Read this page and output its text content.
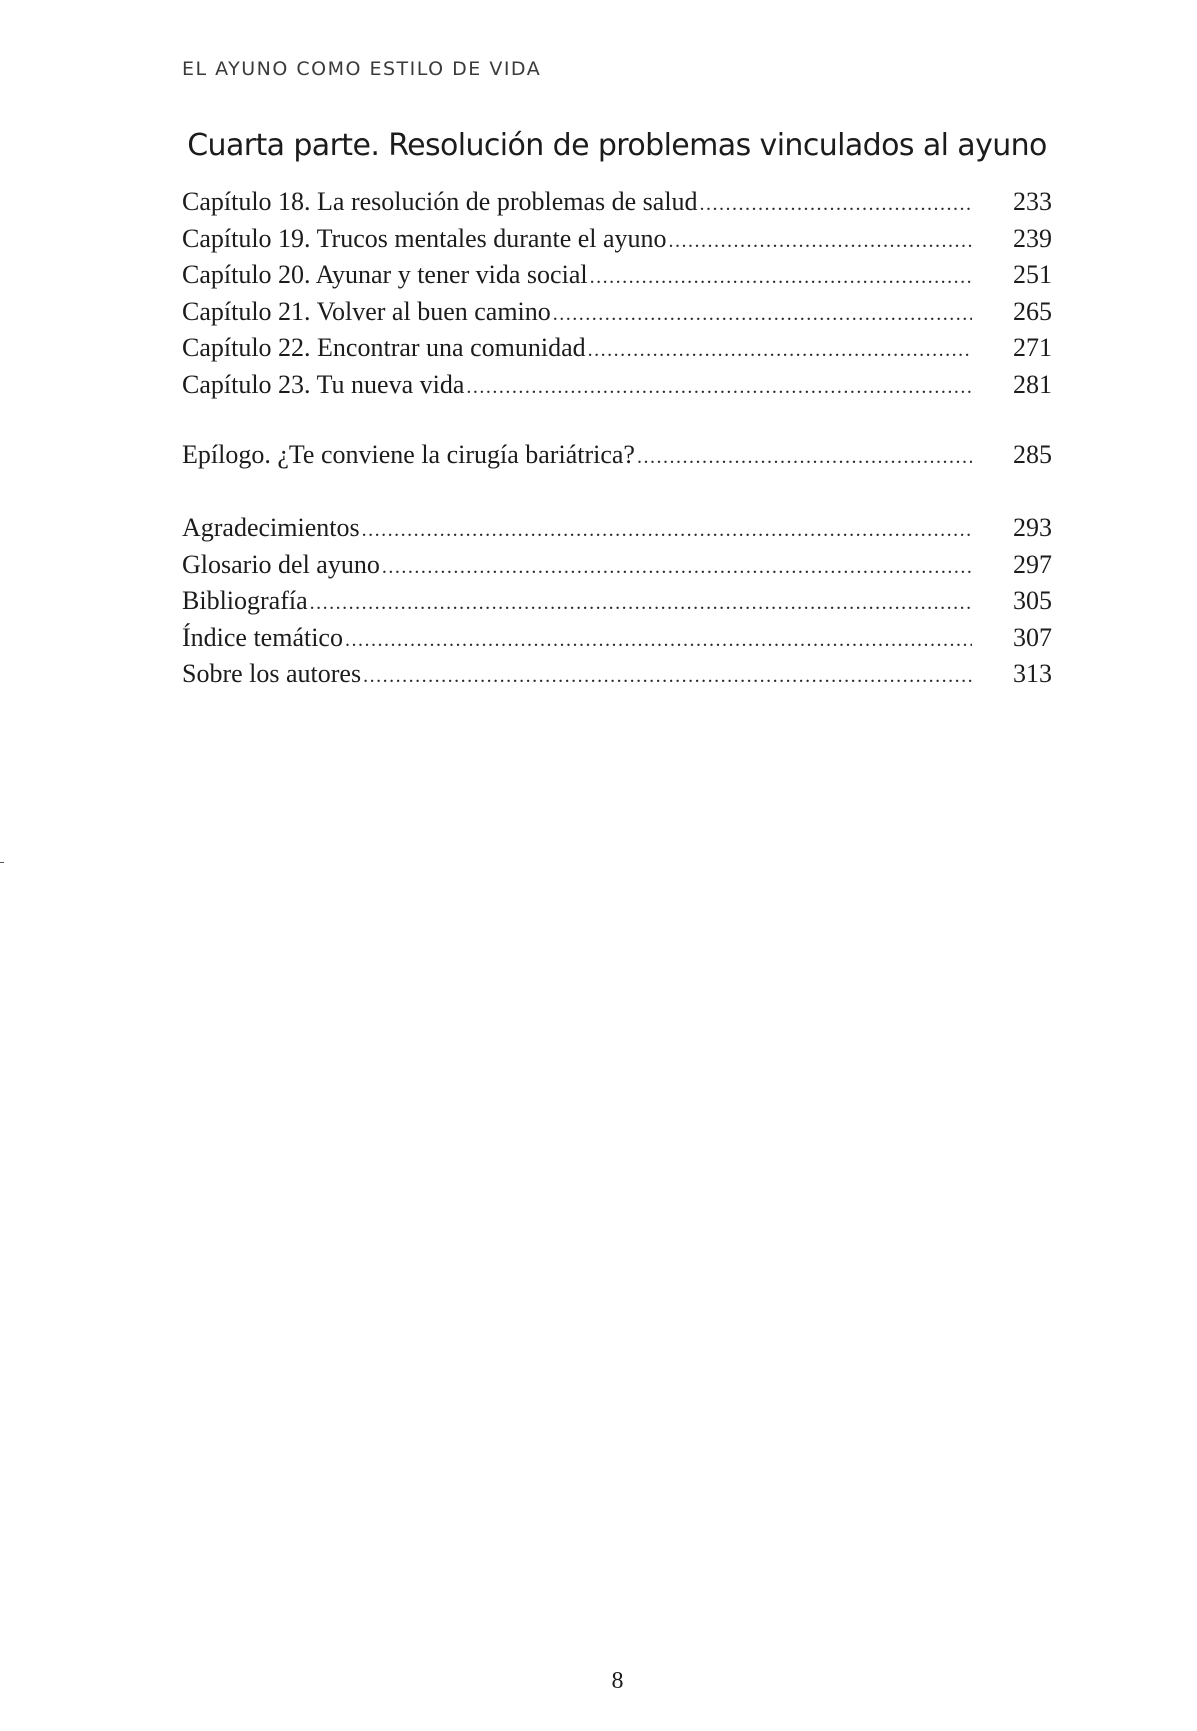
EL AYUNO COMO ESTILO DE VIDA
Cuarta parte. Resolución de problemas vinculados al ayuno
Capítulo 18. La resolución de problemas de salud .....	233
Capítulo 19. Trucos mentales durante el ayuno .....	239
Capítulo 20. Ayunar y tener vida social .....	251
Capítulo 21. Volver al buen camino .....	265
Capítulo 22. Encontrar una comunidad .....	271
Capítulo 23. Tu nueva vida .....	281
Epílogo. ¿Te conviene la cirugía bariátrica? .....	285
Agradecimientos .....	293
Glosario del ayuno .....	297
Bibliografía .....	305
Índice temático .....	307
Sobre los autores .....	313
8
